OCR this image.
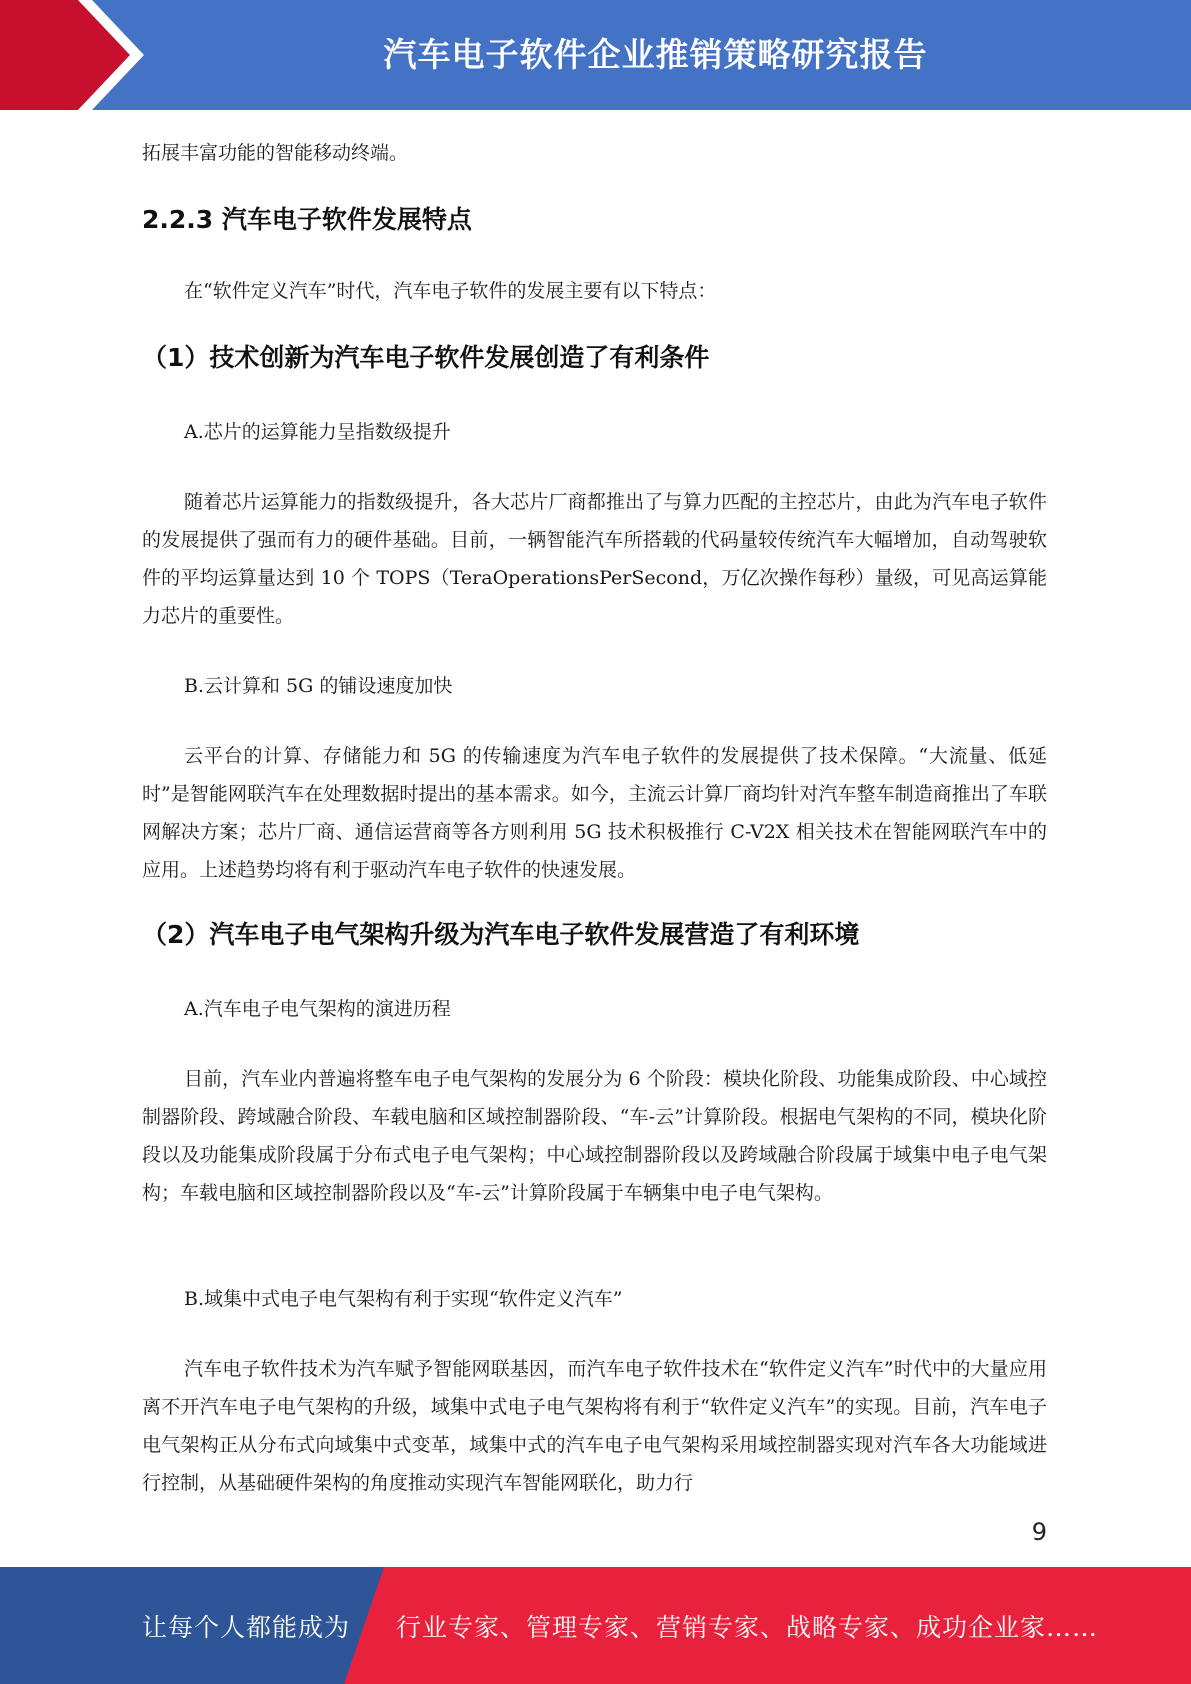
汽车电子软件企业推销策略研究报告

拓展丰富功能的智能移动终端。

2.2.3 汽车电子软件发展特点

在“软件定义汽车”时代，汽车电子软件的发展主要有以下特点：

（1）技术创新为汽车电子软件发展创造了有利条件

A.芯片的运算能力呈指数级提升

随着芯片运算能力的指数级提升，各大芯片厂商都推出了与算力匹配的主控芯片，由此为汽车电子软件的发展提供了强而有力的硬件基础。目前，一辆智能汽车所搭载的代码量较传统汽车大幅增加，自动驾驶软件的平均运算量达到 10 个 TOPS（TeraOperationsPerSecond，万亿次操作每秒）量级，可见高运算能力芯片的重要性。

B.云计算和 5G 的铺设速度加快

云平台的计算、存储能力和 5G 的传输速度为汽车电子软件的发展提供了技术保障。“大流量、低延时”是智能网联汽车在处理数据时提出的基本需求。如今，主流云计算厂商均针对汽车整车制造商推出了车联网解决方案；芯片厂商、通信运营商等各方则利用 5G 技术积极推行 C-V2X 相关技术在智能网联汽车中的应用。上述趋势均将有利于驱动汽车电子软件的快速发展。

（2）汽车电子电气架构升级为汽车电子软件发展营造了有利环境

A.汽车电子电气架构的演进历程

目前，汽车业内普遍将整车电子电气架构的发展分为 6 个阶段：模块化阶段、功能集成阶段、中心域控制器阶段、跨域融合阶段、车载电脑和区域控制器阶段、“车-云”计算阶段。根据电气架构的不同，模块化阶段以及功能集成阶段属于分布式电子电气架构；中心域控制器阶段以及跨域融合阶段属于域集中电子电气架构；车载电脑和区域控制器阶段以及“车-云”计算阶段属于车辆集中电子电气架构。

B.域集中式电子电气架构有利于实现“软件定义汽车”

汽车电子软件技术为汽车赋予智能网联基因，而汽车电子软件技术在“软件定义汽车”时代中的大量应用离不开汽车电子电气架构的升级，域集中式电子电气架构将有利于“软件定义汽车”的实现。目前，汽车电子电气架构正从分布式向域集中式变革，域集中式的汽车电子电气架构采用域控制器实现对汽车各大功能域进行控制，从基础硬件架构的角度推动实现汽车智能网联化，助力行

9
让每个人都能成为 行业专家、管理专家、营销专家、战略专家、成功企业家……
